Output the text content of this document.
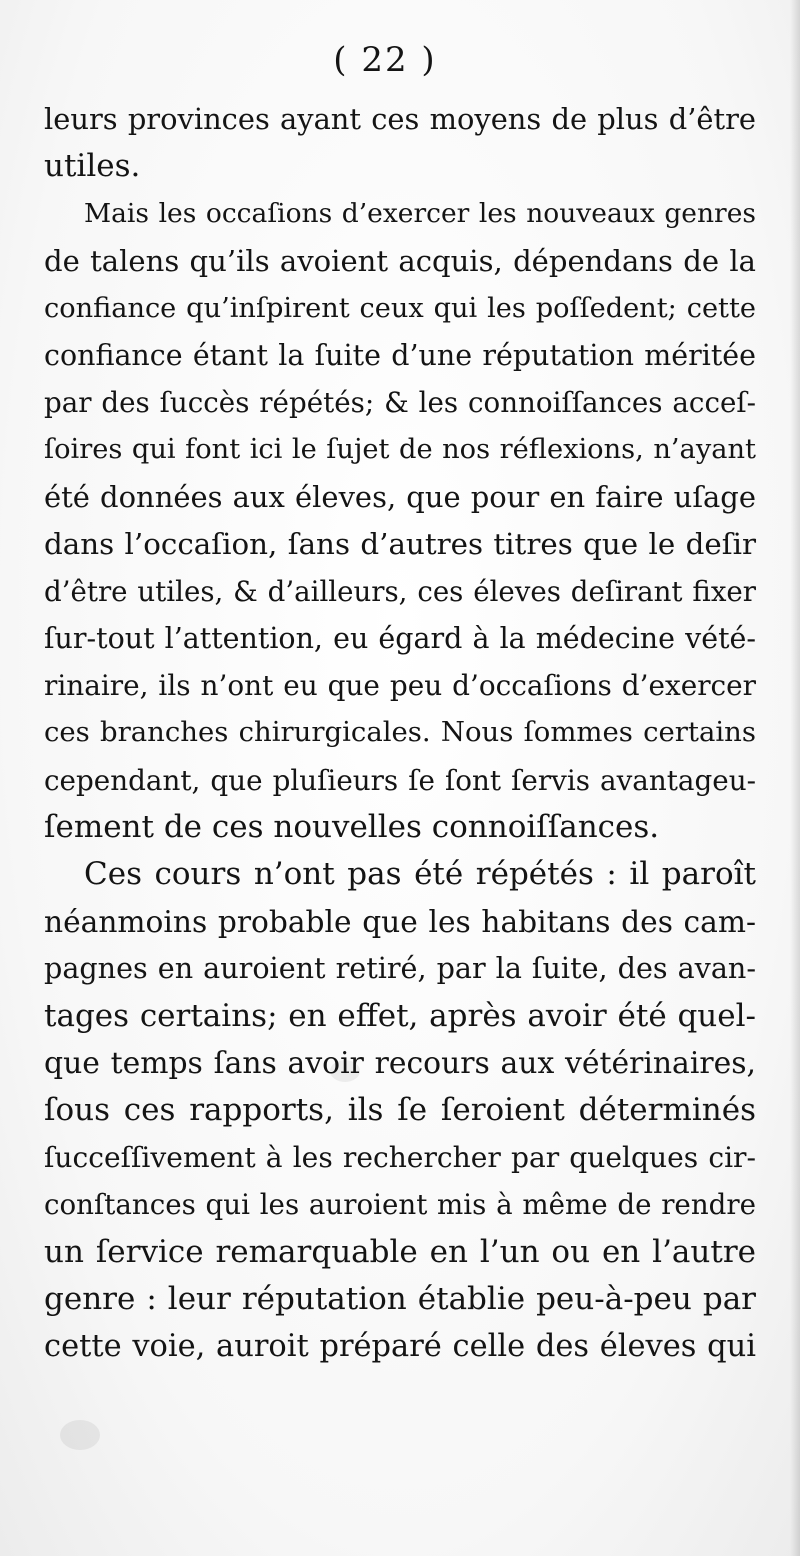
( 22 )
leurs provinces ayant ces moyens de plus d’être
utiles.
Mais les occaſions d’exercer les nouveaux genres
de talens qu’ils avoient acquis, dépendans de la
confiance qu’inſpirent ceux qui les poſſedent; cette
confiance étant la ſuite d’une réputation méritée
par des ſuccès répétés; & les connoiſſances acceſ-
ſoires qui font ici le ſujet de nos réflexions, n’ayant
été données aux éleves, que pour en faire uſage
dans l’occaſion, ſans d’autres titres que le deſir
d’être utiles, & d’ailleurs, ces éleves deſirant fixer
ſur-tout l’attention, eu égard à la médecine vété-
rinaire, ils n’ont eu que peu d’occaſions d’exercer
ces branches chirurgicales. Nous ſommes certains
cependant, que pluſieurs ſe ſont ſervis avantageu-
ſement de ces nouvelles connoiſſances.
Ces cours n’ont pas été répétés : il paroît
néanmoins probable que les habitans des cam-
pagnes en auroient retiré, par la ſuite, des avan-
tages certains; en effet, après avoir été quel-
que temps ſans avoir recours aux vétérinaires,
ſous ces rapports, ils ſe ſeroient déterminés
ſucceſſivement à les rechercher par quelques cir-
conſtances qui les auroient mis à même de rendre
un ſervice remarquable en l’un ou en l’autre
genre : leur réputation établie peu-à-peu par
cette voie, auroit préparé celle des éleves qui
